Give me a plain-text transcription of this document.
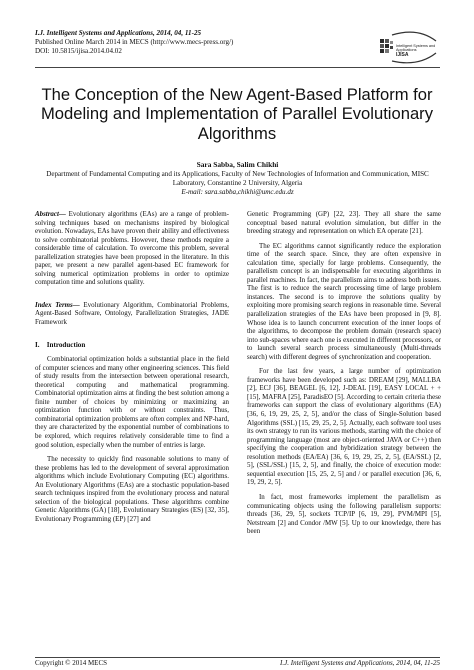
I.J. Intelligent Systems and Applications, 2014, 04, 11-25
Published Online March 2014 in MECS (http://www.mecs-press.org/)
DOI: 10.5815/ijisa.2014.04.02
Intelligent Systems and Applications
IJISA
The Conception of the New Agent-Based Platform for Modeling and Implementation of Parallel Evolutionary Algorithms
Sara Sabba, Salim Chikhi
Department of Fundamental Computing and its Applications, Faculty of New Technologies of Information and Communication, MISC Laboratory, Constantine 2 University, Algeria
E-mail: sara.sabba,chikhi@umc.edu.dz

Abstract— Evolutionary algorithms (EAs) are a range of problem-solving techniques based on mechanisms inspired by biological evolution. Nowadays, EAs have proven their ability and effectiveness to solve combinatorial problems. However, these methods require a considerable time of calculation. To overcome this problem, several parallelization strategies have been proposed in the literature. In this paper, we present a new parallel agent-based EC framework for solving numerical optimization problems in order to optimize computation time and solutions quality.

Index Terms— Evolutionary Algorithm, Combinatorial Problems, Agent-Based Software, Ontology, Parallelization Strategies, JADE Framework

I. Introduction

Combinatorial optimization holds a substantial place in the field of computer sciences and many other engineering sciences. This field of study results from the intersection between operational research, theoretical computing and mathematical programming. Combinatorial optimization aims at finding the best solution among a finite number of choices by minimizing or maximizing an optimization function with or without constraints. Thus, combinatorial optimization problems are often complex and NP-hard, they are characterized by the exponential number of combinations to be explored, which requires relatively considerable time to find a good solution, especially when the number of entries is large.

The necessity to quickly find reasonable solutions to many of these problems has led to the development of several approximation algorithms which include Evolutionary Computing (EC) algorithms. An Evolutionary Algorithms (EAs) are a stochastic population-based search techniques inspired from the evolutionary process and natural selection of the biological populations. These algorithms combine Genetic Algorithms (GA) [18], Evolutionary Strategies (ES) [32, 35], Evolutionary Programming (EP) [27] and

Genetic Programming (GP) [22, 23]. They all share the same conceptual based natural evolution simulation, but differ in the breeding strategy and representation on which EA operate [21].

The EC algorithms cannot significantly reduce the exploration time of the search space. Since, they are often expensive in calculation time, specially for large problems. Consequently, the parallelism concept is an indispensable for executing algorithms in parallel machines. In fact, the parallelism aims to address both issues. The first is to reduce the search processing time of large problem instances. The second is to improve the solutions quality by exploiting more promising search regions in reasonable time. Several parallelization strategies of the EAs have been proposed in [9, 8]. Whose idea is to launch concurrent execution of the inner loops of the algorithms, to decompose the problem domain (research space) into sub-spaces where each one is executed in different processors, or to launch several search process simultaneously (Multi-threads search) with different degrees of synchronization and cooperation.

For the last few years, a large number of optimization frameworks have been developed such as: DREAM [29], MALLBA [2], ECJ [36], BEAGEL [6, 12], J-DEAL [19], EASY LOCAL + + [15], MAFRA [25], ParadisEO [5]. According to certain criteria these frameworks can support the class of evolutionary algorithms (EA) [36, 6, 19, 29, 25, 2, 5], and/or the class of Single-Solution based Algorithms (SSL) [15, 29, 25, 2, 5]. Actually, each software tool uses its own strategy to run its various methods, starting with the choice of programming language (most are object-oriented JAVA or C++) then specifying the cooperation and hybridization strategy between the resolution methods (EA/EA) [36, 6, 19, 29, 25, 2, 5], (EA/SSL) [2, 5], (SSL/SSL) [15, 2, 5], and finally, the choice of execution mode: sequential execution [15, 25, 2, 5] and / or parallel execution [36, 6, 19, 29, 2, 5].

In fact, most frameworks implement the parallelism as communicating objects using the following parallelism supports: threads [36, 29, 5], sockets TCP/IP [6, 19, 29], PVM/MPI [5], Netstream [2] and Condor /MW [5]. Up to our knowledge, there has been

Copyright © 2014 MECS	I.J. Intelligent Systems and Applications, 2014, 04, 11-25
